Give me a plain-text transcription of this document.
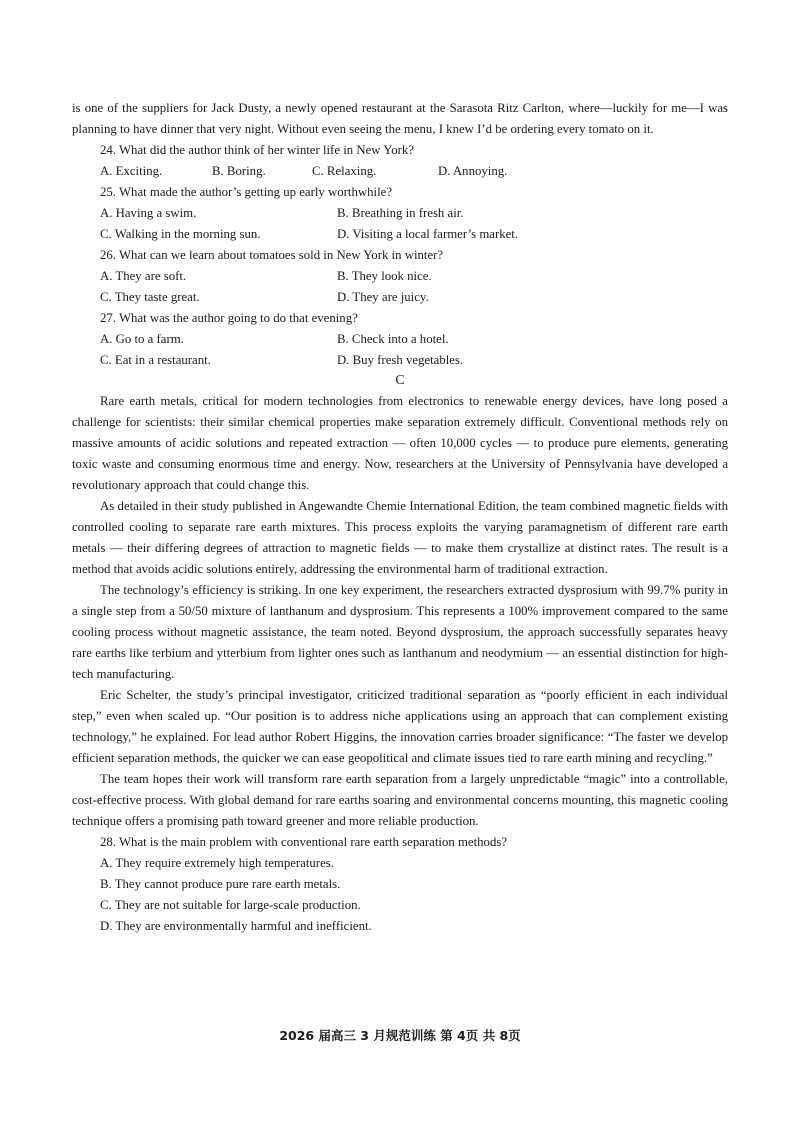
is one of the suppliers for Jack Dusty, a newly opened restaurant at the Sarasota Ritz Carlton, where—luckily for me—I was planning to have dinner that very night. Without even seeing the menu, I knew I’d be ordering every tomato on it.

24. What did the author think of her winter life in New York?

A. Exciting.	B. Boring.	C. Relaxing.	D. Annoying.

25. What made the author’s getting up early worthwhile?

A. Having a swim.	B. Breathing in fresh air.
C. Walking in the morning sun.	D. Visiting a local farmer’s market.

26. What can we learn about tomatoes sold in New York in winter?

A. They are soft.	B. They look nice.
C. They taste great.	D. They are juicy.

27. What was the author going to do that evening?

A. Go to a farm.	B. Check into a hotel.
C. Eat in a restaurant.	D. Buy fresh vegetables.

C

Rare earth metals, critical for modern technologies from electronics to renewable energy devices, have long posed a challenge for scientists: their similar chemical properties make separation extremely difficult. Conventional methods rely on massive amounts of acidic solutions and repeated extraction — often 10,000 cycles — to produce pure elements, generating toxic waste and consuming enormous time and energy. Now, researchers at the University of Pennsylvania have developed a revolutionary approach that could change this.

As detailed in their study published in Angewandte Chemie International Edition, the team combined magnetic fields with controlled cooling to separate rare earth mixtures. This process exploits the varying paramagnetism of different rare earth metals — their differing degrees of attraction to magnetic fields — to make them crystallize at distinct rates. The result is a method that avoids acidic solutions entirely, addressing the environmental harm of traditional extraction.

The technology’s efficiency is striking. In one key experiment, the researchers extracted dysprosium with 99.7% purity in a single step from a 50/50 mixture of lanthanum and dysprosium. This represents a 100% improvement compared to the same cooling process without magnetic assistance, the team noted. Beyond dysprosium, the approach successfully separates heavy rare earths like terbium and ytterbium from lighter ones such as lanthanum and neodymium — an essential distinction for high-tech manufacturing.

Eric Schelter, the study’s principal investigator, criticized traditional separation as “poorly efficient in each individual step,” even when scaled up. “Our position is to address niche applications using an approach that can complement existing technology,” he explained. For lead author Robert Higgins, the innovation carries broader significance: “The faster we develop efficient separation methods, the quicker we can ease geopolitical and climate issues tied to rare earth mining and recycling.”

The team hopes their work will transform rare earth separation from a largely unpredictable “magic” into a controllable, cost-effective process. With global demand for rare earths soaring and environmental concerns mounting, this magnetic cooling technique offers a promising path toward greener and more reliable production.

28. What is the main problem with conventional rare earth separation methods?

A. They require extremely high temperatures.

B. They cannot produce pure rare earth metals.

C. They are not suitable for large-scale production.

D. They are environmentally harmful and inefficient.

2026 届高三 3 月规范训练 第 4页 共 8页
